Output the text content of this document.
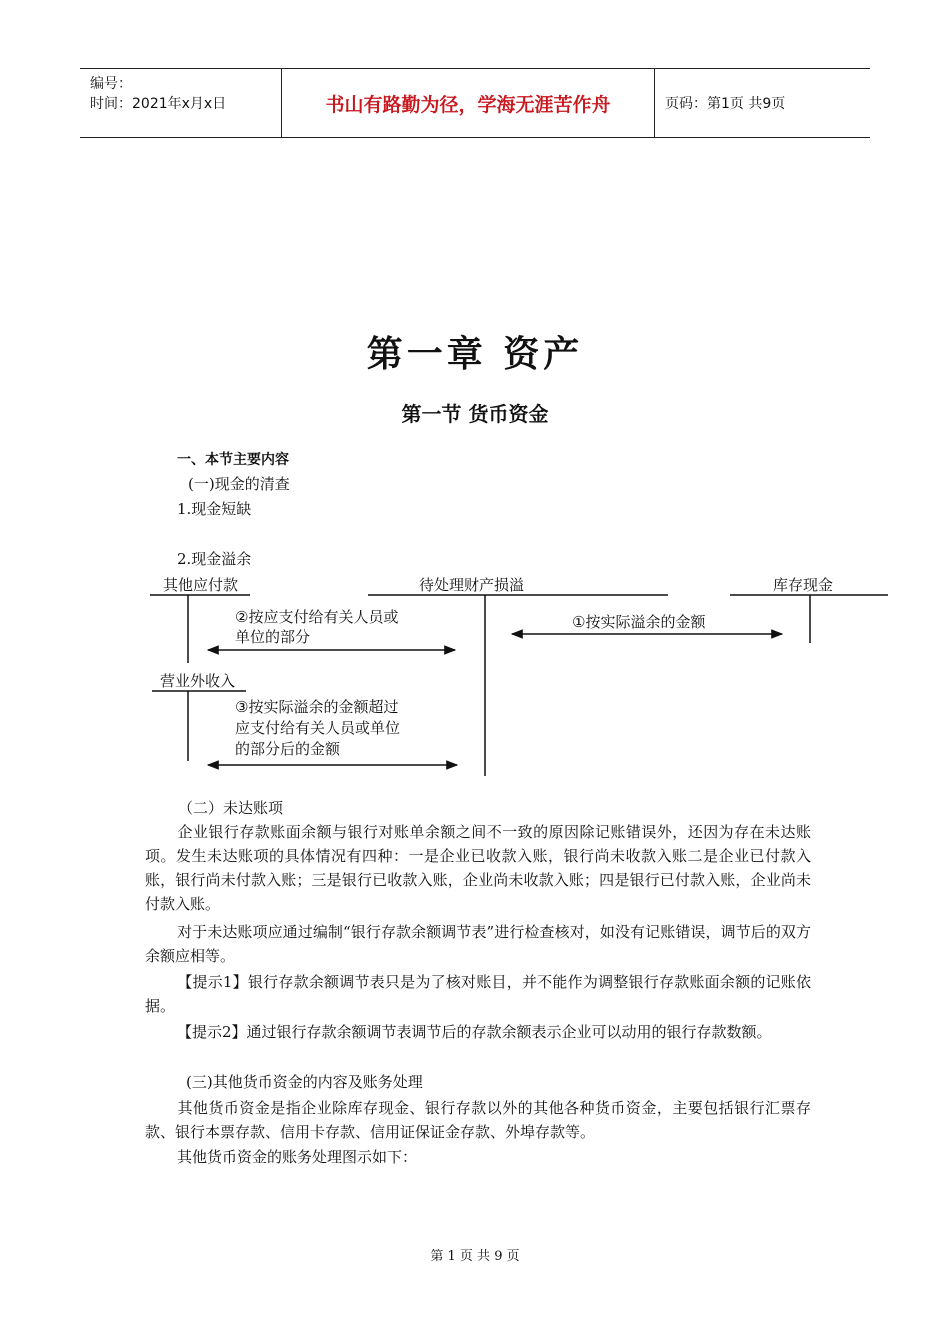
编号：
时间：2021年x月x日	书山有路勤为径，学海无涯苦作舟	页码：第1页 共9页
第一章 资产
第一节 货币资金
一、本节主要内容
(一)现金的清查
1.现金短缺
2.现金溢余
其他应付款	待处理财产损溢	库存现金
营业外收入
②按应支付给有关人员或
单位的部分
①按实际溢余的金额
③按实际溢余的金额超过
应支付给有关人员或单位
的部分后的金额
（二）未达账项
企业银行存款账面余额与银行对账单余额之间不一致的原因除记账错误外，还因为存在未达账项。发生未达账项的具体情况有四种：一是企业已收款入账，银行尚未收款入账二是企业已付款入账，银行尚未付款入账；三是银行已收款入账，企业尚未收款入账；四是银行已付款入账，企业尚未付款入账。
对于未达账项应通过编制“银行存款余额调节表”进行检查核对，如没有记账错误，调节后的双方余额应相等。
【提示1】银行存款余额调节表只是为了核对账目，并不能作为调整银行存款账面余额的记账依据。
【提示2】通过银行存款余额调节表调节后的存款余额表示企业可以动用的银行存款数额。
(三)其他货币资金的内容及账务处理
其他货币资金是指企业除库存现金、银行存款以外的其他各种货币资金，主要包括银行汇票存款、银行本票存款、信用卡存款、信用证保证金存款、外埠存款等。
其他货币资金的账务处理图示如下：
第 1 页 共 9 页
